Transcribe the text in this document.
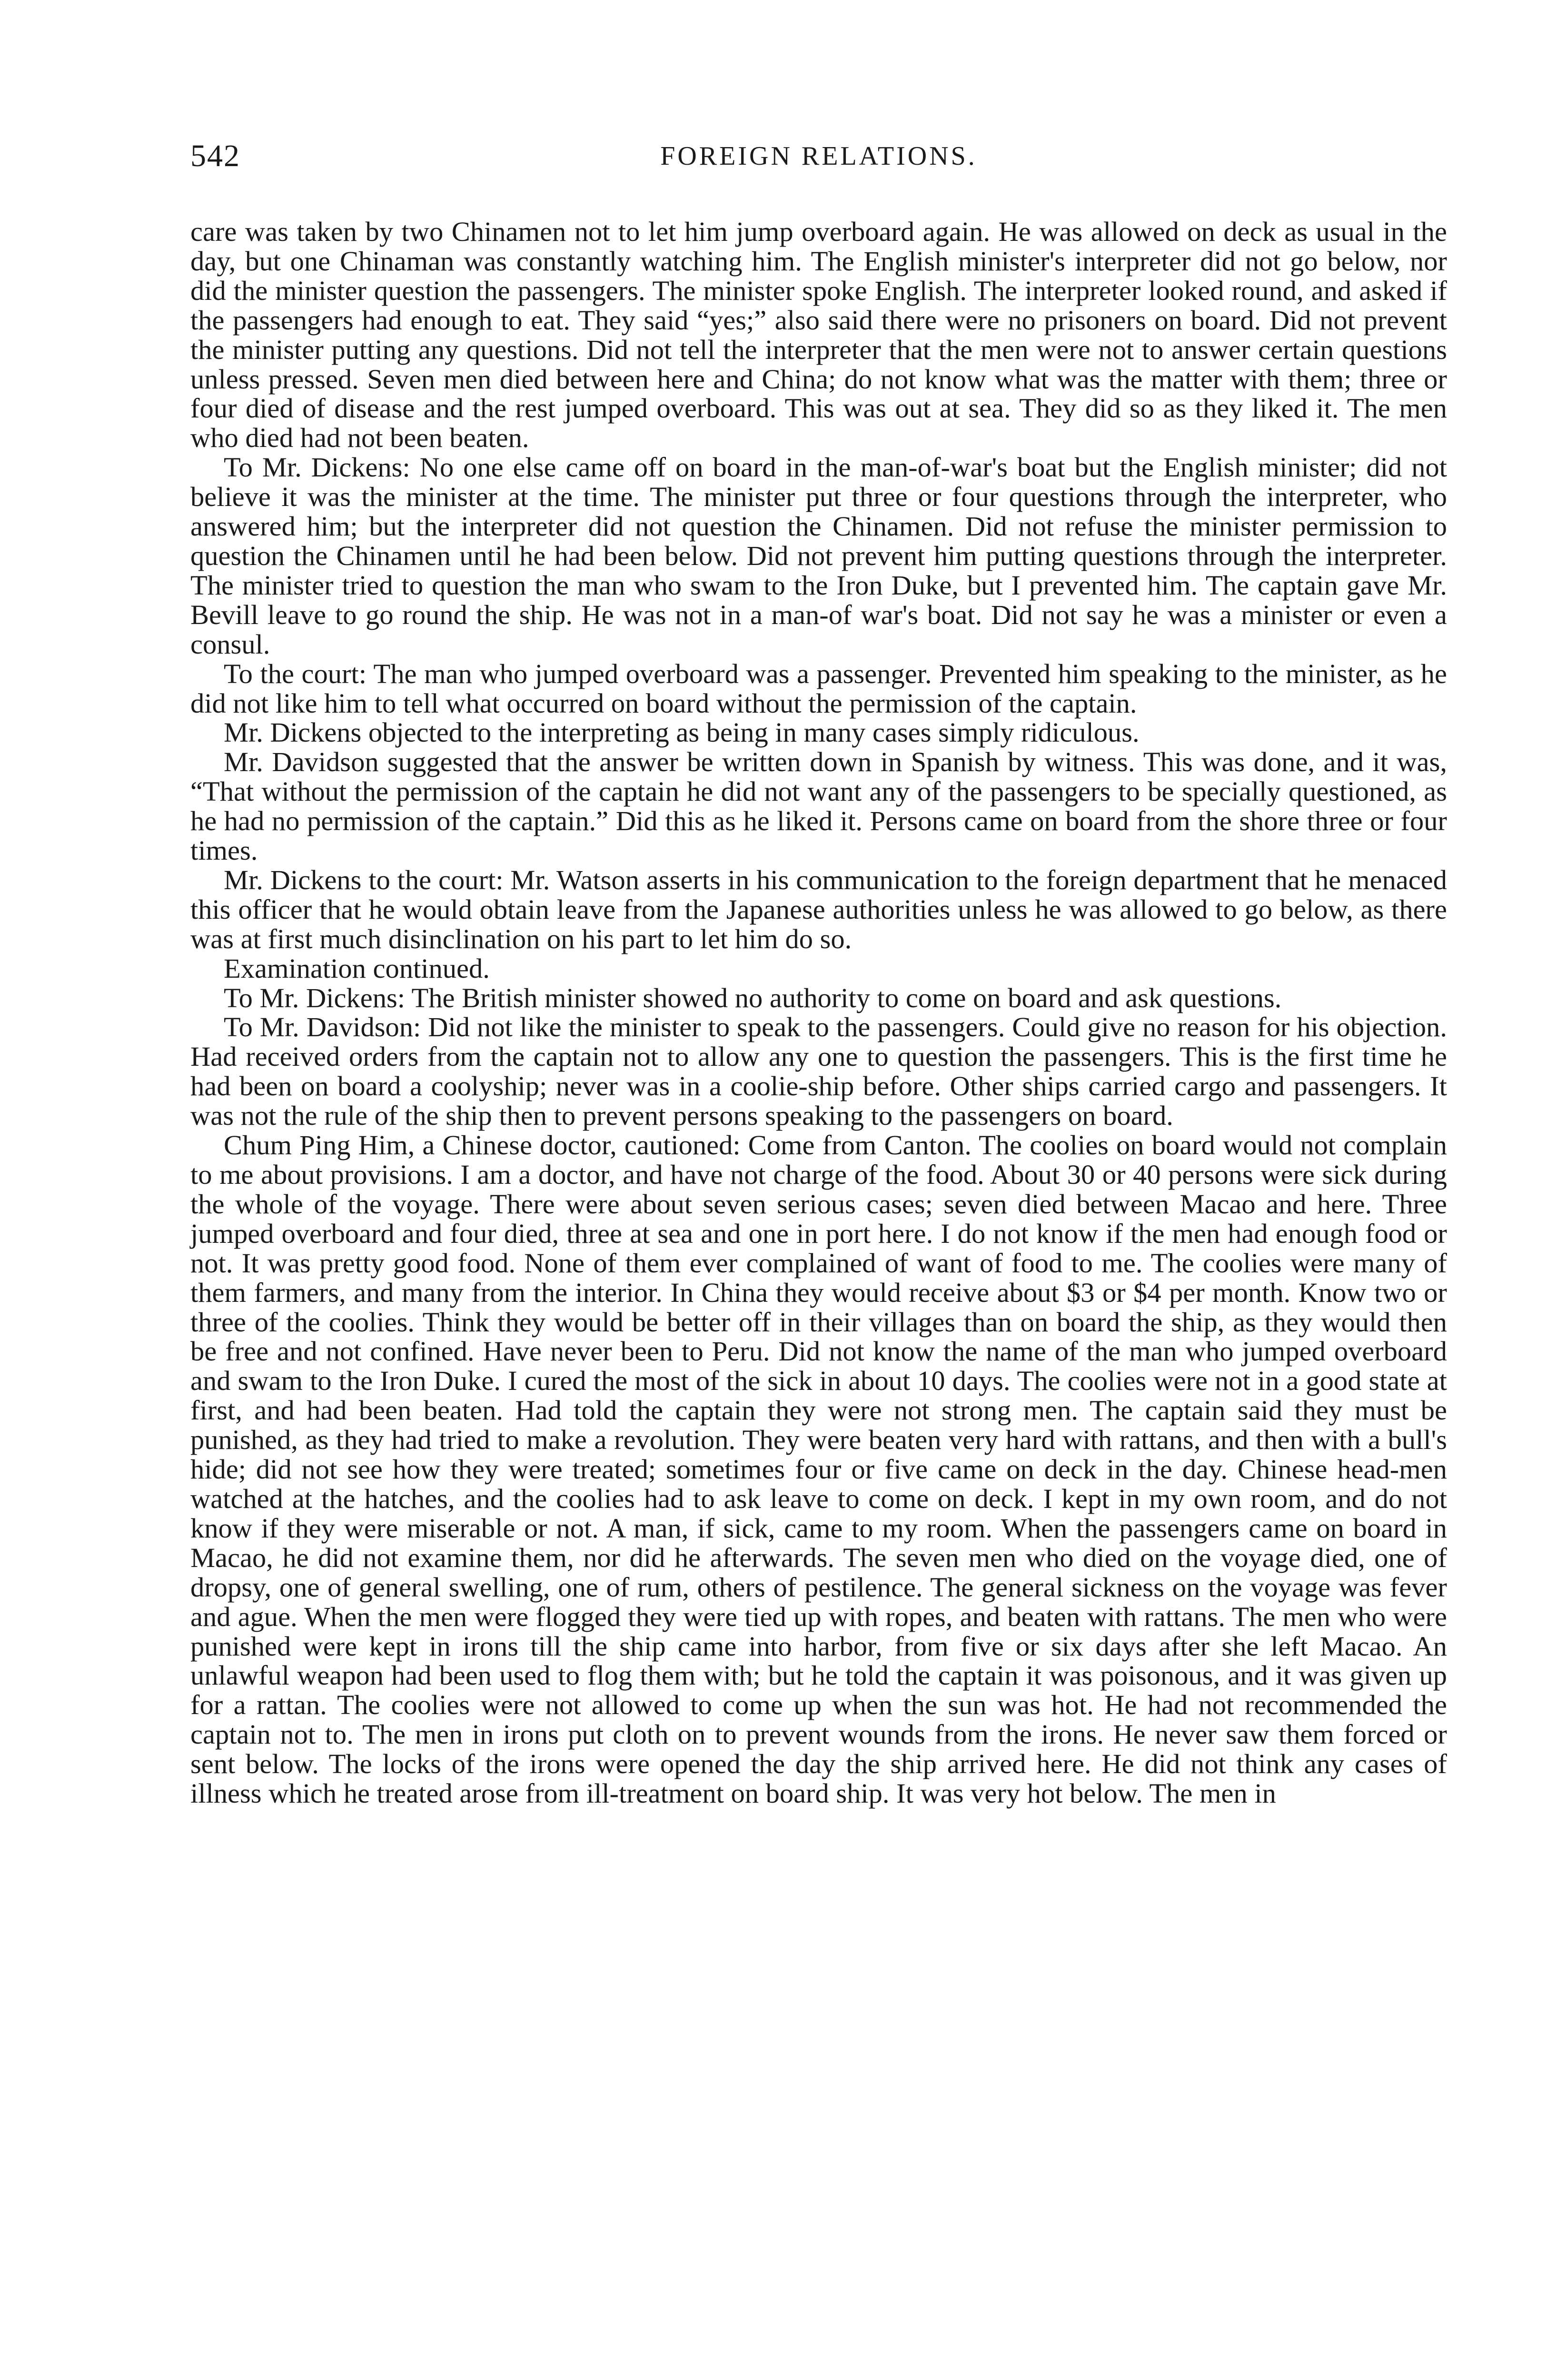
542	FOREIGN RELATIONS.

care was taken by two Chinamen not to let him jump overboard again. He was allowed on deck as usual in the day, but one Chinaman was constantly watching him. The English minister's interpreter did not go below, nor did the minister question the passengers. The minister spoke English. The interpreter looked round, and asked if the passengers had enough to eat. They said “yes;” also said there were no prisoners on board. Did not prevent the minister putting any questions. Did not tell the interpreter that the men were not to answer certain questions unless pressed. Seven men died between here and China; do not know what was the matter with them; three or four died of disease and the rest jumped overboard. This was out at sea. They did so as they liked it. The men who died had not been beaten.

To Mr. Dickens: No one else came off on board in the man-of-war's boat but the English minister; did not believe it was the minister at the time. The minister put three or four questions through the interpreter, who answered him; but the interpreter did not question the Chinamen. Did not refuse the minister permission to question the Chinamen until he had been below. Did not prevent him putting questions through the interpreter. The minister tried to question the man who swam to the Iron Duke, but I prevented him. The captain gave Mr. Bevill leave to go round the ship. He was not in a man-of war's boat. Did not say he was a minister or even a consul.

To the court: The man who jumped overboard was a passenger. Prevented him speaking to the minister, as he did not like him to tell what occurred on board without the permission of the captain.

Mr. Dickens objected to the interpreting as being in many cases simply ridiculous.

Mr. Davidson suggested that the answer be written down in Spanish by witness. This was done, and it was, “That without the permission of the captain he did not want any of the passengers to be specially questioned, as he had no permission of the captain.” Did this as he liked it. Persons came on board from the shore three or four times.

Mr. Dickens to the court: Mr. Watson asserts in his communication to the foreign department that he menaced this officer that he would obtain leave from the Japanese authorities unless he was allowed to go below, as there was at first much disinclination on his part to let him do so.

Examination continued.

To Mr. Dickens: The British minister showed no authority to come on board and ask questions.

To Mr. Davidson: Did not like the minister to speak to the passengers. Could give no reason for his objection. Had received orders from the captain not to allow any one to question the passengers. This is the first time he had been on board a coolyship; never was in a coolie-ship before. Other ships carried cargo and passengers. It was not the rule of the ship then to prevent persons speaking to the passengers on board.

Chum Ping Him, a Chinese doctor, cautioned: Come from Canton. The coolies on board would not complain to me about provisions. I am a doctor, and have not charge of the food. About 30 or 40 persons were sick during the whole of the voyage. There were about seven serious cases; seven died between Macao and here. Three jumped overboard and four died, three at sea and one in port here. I do not know if the men had enough food or not. It was pretty good food. None of them ever complained of want of food to me. The coolies were many of them farmers, and many from the interior. In China they would receive about $3 or $4 per month. Know two or three of the coolies. Think they would be better off in their villages than on board the ship, as they would then be free and not confined. Have never been to Peru. Did not know the name of the man who jumped overboard and swam to the Iron Duke. I cured the most of the sick in about 10 days. The coolies were not in a good state at first, and had been beaten. Had told the captain they were not strong men. The captain said they must be punished, as they had tried to make a revolution. They were beaten very hard with rattans, and then with a bull's hide; did not see how they were treated; sometimes four or five came on deck in the day. Chinese head-men watched at the hatches, and the coolies had to ask leave to come on deck. I kept in my own room, and do not know if they were miserable or not. A man, if sick, came to my room. When the passengers came on board in Macao, he did not examine them, nor did he afterwards. The seven men who died on the voyage died, one of dropsy, one of general swelling, one of rum, others of pestilence. The general sickness on the voyage was fever and ague. When the men were flogged they were tied up with ropes, and beaten with rattans. The men who were punished were kept in irons till the ship came into harbor, from five or six days after she left Macao. An unlawful weapon had been used to flog them with; but he told the captain it was poisonous, and it was given up for a rattan. The coolies were not allowed to come up when the sun was hot. He had not recommended the captain not to. The men in irons put cloth on to prevent wounds from the irons. He never saw them forced or sent below. The locks of the irons were opened the day the ship arrived here. He did not think any cases of illness which he treated arose from ill-treatment on board ship. It was very hot below. The men in
